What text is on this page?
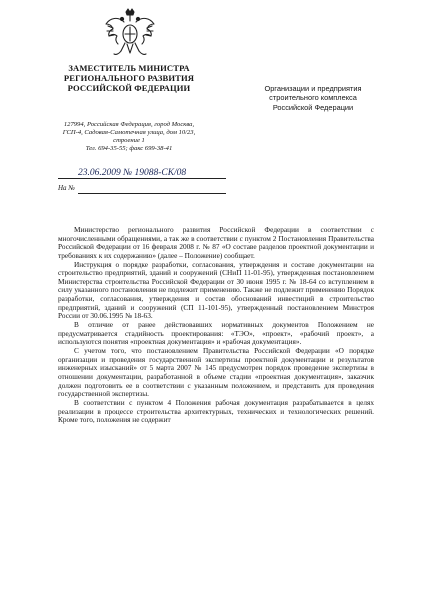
ЗАМЕСТИТЕЛЬ МИНИСТРА
РЕГИОНАЛЬНОГО РАЗВИТИЯ
РОССИЙСКОЙ ФЕДЕРАЦИИ
127994, Российская Федерация, город Москва,
ГСП-4, Садовая-Самотечная улица, дом 10/23,
строение 1
Тел. 694-35-55; факс 699-38-41
Организации и предприятия
строительного комплекса
Российской Федерации
23.06.2009 № 19088-СК/08
На №

Министерство регионального развития Российской Федерации в соответствии с многочисленными обращениями, а так же в соответствии с пунктом 2 Постановления Правительства Российской Федерации от 16 февраля 2008 г. № 87 «О составе разделов проектной документации и требованиях к их содержанию» (далее – Положение) сообщает.

Инструкция о порядке разработки, согласования, утверждения и составе документации на строительство предприятий, зданий и сооружений (СНиП 11-01-95), утвержденная постановлением Министерства строительства Российской Федерации от 30 июня 1995 г. № 18-64 со вступлением в силу указанного постановления не подлежит применению. Также не подлежит применению Порядок разработки, согласования, утверждения и состав обоснований инвестиций в строительство предприятий, зданий и сооружений (СП 11-101-95), утвержденный постановлением Минстроя России от 30.06.1995 № 18-63.

В отличие от ранее действовавших нормативных документов Положением не предусматривается стадийность проектирования: «ТЭО», «проект», «рабочий проект», а используются понятия «проектная документация» и «рабочая документация».

С учетом того, что постановлением Правительства Российской Федерации «О порядке организации и проведения государственной экспертизы проектной документации и результатов инженерных изысканий» от 5 марта 2007 № 145 предусмотрен порядок проведение экспертизы в отношении документации, разработанной в объеме стадии «проектная документация», заказчик должен подготовить ее в соответствии с указанным положением, и представить для проведения государственной экспертизы.

В соответствии с пунктом 4 Положения рабочая документация разрабатывается в целях реализации в процессе строительства архитектурных, технических и технологических решений. Кроме того, положения не содержит
